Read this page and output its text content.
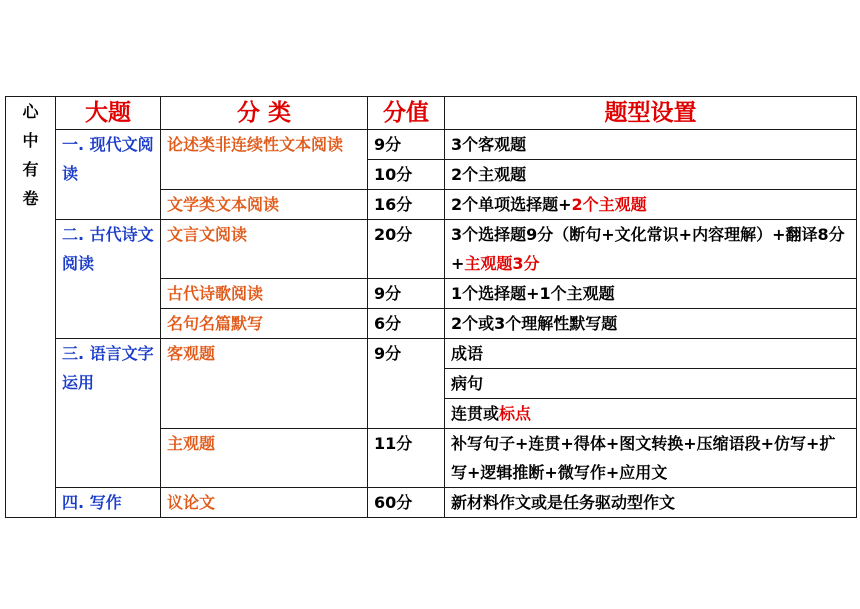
心
中
有
卷	大题	分 类	分值	题型设置
	一. 现代文阅读	论述类非连续性文本阅读	9分	3个客观题
			10分	2个主观题
		文学类文本阅读	16分	2个单项选择题+2个主观题
	二. 古代诗文阅读	文言文阅读	20分	3个选择题9分（断句+文化常识+内容理解）+翻译8分+主观题3分
		古代诗歌阅读	9分	1个选择题+1个主观题
		名句名篇默写	6分	2个或3个理解性默写题
	三. 语言文字运用	客观题	9分	成语
				病句
				连贯或标点
		主观题	11分	补写句子+连贯+得体+图文转换+压缩语段+仿写+扩写+逻辑推断+微写作+应用文
	四. 写作	议论文	60分	新材料作文或是任务驱动型作文
